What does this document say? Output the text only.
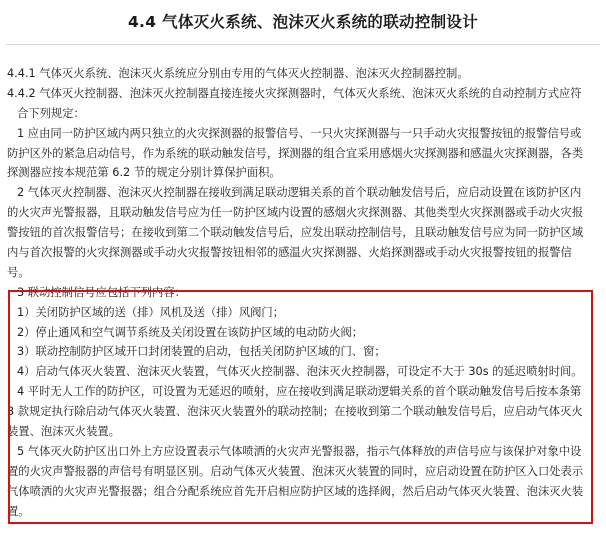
4.4 气体灭火系统、泡沫灭火系统的联动控制设计
4.4.1 气体灭火系统、泡沫灭火系统应分别由专用的气体灭火控制器、泡沫灭火控制器控制。
4.4.2 气体灭火控制器、泡沫灭火控制器直接连接火灾探测器时，气体灭火系统、泡沫灭火系统的自动控制方式应符
合下列规定：
1 应由同一防护区域内两只独立的火灾探测器的报警信号、一只火灾探测器与一只手动火灾报警按钮的报警信号或
防护区外的紧急启动信号，作为系统的联动触发信号，探测器的组合宜采用感烟火灾探测器和感温火灾探测器，各类
探测器应按本规范第 6.2 节的规定分别计算保护面积。
2 气体灭火控制器、泡沫灭火控制器在接收到满足联动逻辑关系的首个联动触发信号后，应启动设置在该防护区内
的火灾声光警报器，且联动触发信号应为任一防护区域内设置的感烟火灾探测器、其他类型火灾探测器或手动火灾报
警按钮的首次报警信号；在接收到第二个联动触发信号后，应发出联动控制信号，且联动触发信号应为同一防护区域
内与首次报警的火灾探测器或手动火灾报警按钮相邻的感温火灾探测器、火焰探测器或手动火灾报警按钮的报警信
号。
3 联动控制信号应包括下列内容：
1）关闭防护区域的送（排）风机及送（排）风阀门；
2）停止通风和空气调节系统及关闭设置在该防护区域的电动防火阀；
3）联动控制防护区域开口封闭装置的启动，包括关闭防护区域的门、窗；
4）启动气体灭火装置、泡沫灭火装置，气体灭火控制器、泡沫灭火控制器，可设定不大于 30s 的延迟喷射时间。
4 平时无人工作的防护区，可设置为无延迟的喷射，应在接收到满足联动逻辑关系的首个联动触发信号后按本条第
3 款规定执行除启动气体灭火装置、泡沫灭火装置外的联动控制；在接收到第二个联动触发信号后，应启动气体灭火
装置、泡沫灭火装置。
5 气体灭火防护区出口外上方应设置表示气体喷洒的火灾声光警报器，指示气体释放的声信号应与该保护对象中设
置的火灾声警报器的声信号有明显区别。启动气体灭火装置、泡沫灭火装置的同时，应启动设置在防护区入口处表示
气体喷洒的火灾声光警报器；组合分配系统应首先开启相应防护区域的选择阀，然后启动气体灭火装置、泡沫灭火装
置。
